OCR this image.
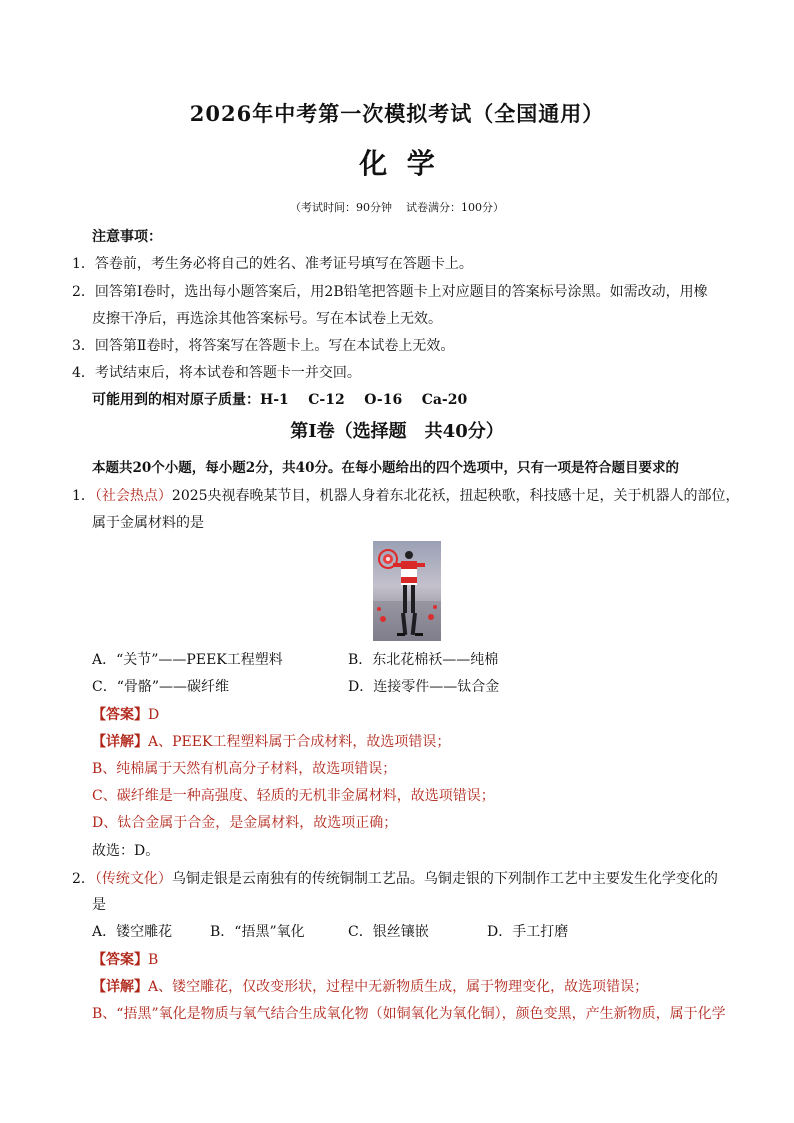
2026年中考第一次模拟考试（全国通用）
化  学
（考试时间：90分钟    试卷满分：100分）
注意事项：
1．答卷前，考生务必将自己的姓名、准考证号填写在答题卡上。
2．回答第Ⅰ卷时，选出每小题答案后，用2B铅笔把答题卡上对应题目的答案标号涂黑。如需改动，用橡
皮擦干净后，再选涂其他答案标号。写在本试卷上无效。
3．回答第Ⅱ卷时，将答案写在答题卡上。写在本试卷上无效。
4．考试结束后，将本试卷和答题卡一并交回。
可能用到的相对原子质量：H-1    C-12    O-16    Ca-20
第Ⅰ卷（选择题　共40分）
本题共20个小题，每小题2分，共40分。在每小题给出的四个选项中，只有一项是符合题目要求的
1．（社会热点）2025央视春晚某节目，机器人身着东北花袄，扭起秧歌，科技感十足，关于机器人的部位，
属于金属材料的是
A．“关节”——PEEK工程塑料	B．东北花棉袄——纯棉
C．“骨骼”——碳纤维	D．连接零件——钛合金
【答案】D
【详解】A、PEEK工程塑料属于合成材料，故选项错误；
B、纯棉属于天然有机高分子材料，故选项错误；
C、碳纤维是一种高强度、轻质的无机非金属材料，故选项错误；
D、钛合金属于合金，是金属材料，故选项正确；
故选：D。
2．（传统文化）乌铜走银是云南独有的传统铜制工艺品。乌铜走银的下列制作工艺中主要发生化学变化的
是
A．镂空雕花	B．“捂黑”氧化	C．银丝镶嵌	D．手工打磨
【答案】B
【详解】A、镂空雕花，仅改变形状，过程中无新物质生成，属于物理变化，故选项错误；
B、“捂黑”氧化是物质与氧气结合生成氧化物（如铜氧化为氧化铜），颜色变黑，产生新物质，属于化学
